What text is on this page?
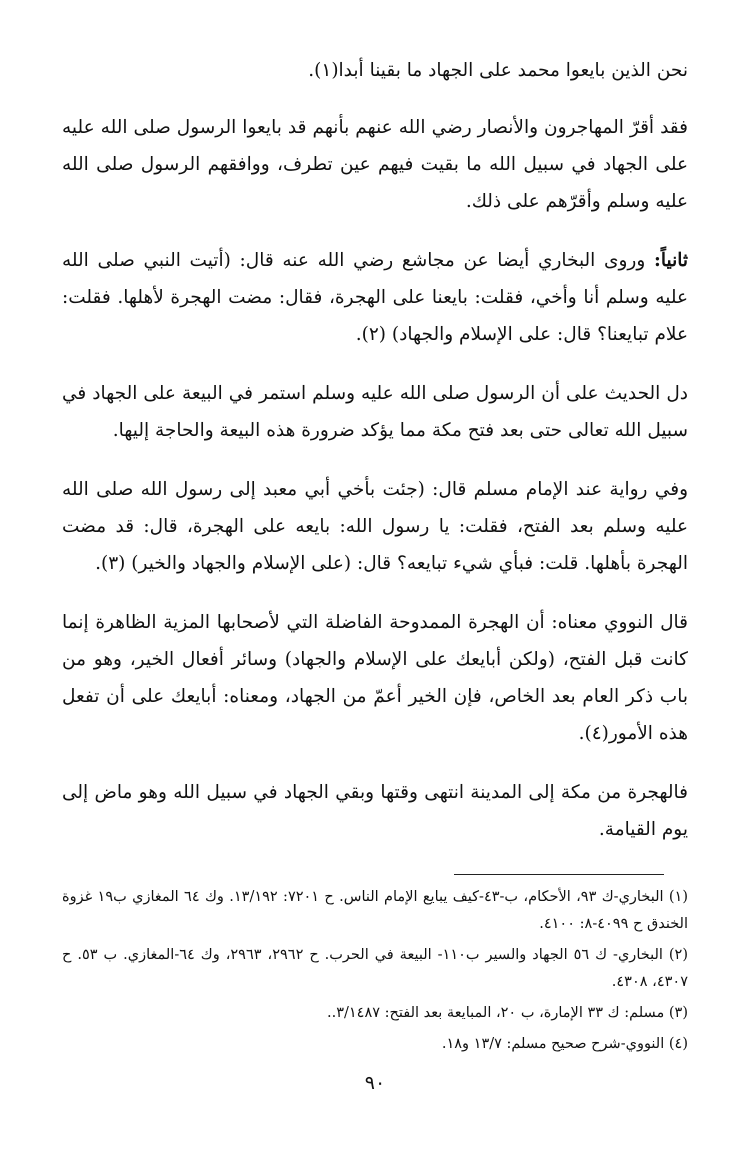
نحن الذين بايعوا محمد على الجهاد ما بقينا أبدا(١).

فقد أقرّ المهاجرون والأنصار رضي الله عنهم بأنهم قد بايعوا الرسول صلى الله عليه على الجهاد في سبيل الله ما بقيت فيهم عين تطرف، ووافقهم الرسول صلى الله عليه وسلم وأقرّهم على ذلك.

ثانياً: وروى البخاري أيضا عن مجاشع رضي الله عنه قال: (أتيت النبي صلى الله عليه وسلم أنا وأخي، فقلت: بايعنا على الهجرة، فقال: مضت الهجرة لأهلها. فقلت: علام تبايعنا؟ قال: على الإسلام والجهاد) (٢).

دل الحديث على أن الرسول صلى الله عليه وسلم استمر في البيعة على الجهاد في سبيل الله تعالى حتى بعد فتح مكة مما يؤكد ضرورة هذه البيعة والحاجة إليها.

وفي رواية عند الإمام مسلم قال: (جئت بأخي أبي معبد إلى رسول الله صلى الله عليه وسلم بعد الفتح، فقلت: يا رسول الله: بايعه على الهجرة، قال: قد مضت الهجرة بأهلها. قلت: فبأي شيء تبايعه؟ قال: (على الإسلام والجهاد والخير) (٣).

قال النووي معناه: أن الهجرة الممدوحة الفاضلة التي لأصحابها المزية الظاهرة إنما كانت قبل الفتح، (ولكن أبايعك على الإسلام والجهاد) وسائر أفعال الخير، وهو من باب ذكر العام بعد الخاص، فإن الخير أعمّ من الجهاد، ومعناه: أبايعك على أن تفعل هذه الأمور(٤).

فالهجرة من مكة إلى المدينة انتهى وقتها وبقي الجهاد في سبيل الله وهو ماض إلى يوم القيامة.

(١) البخاري-ك ٩٣، الأحكام، ب-٤٣-كيف يبايع الإمام الناس. ح ٧٢٠١: ١٣/١٩٢. وك ٦٤ المغازي ب١٩ غزوة الخندق ح ٤٠٩٩-٨: ٤١٠٠.

(٢) البخاري- ك ٥٦ الجهاد والسير ب١١٠- البيعة في الحرب. ح ٢٩٦٢، ٢٩٦٣، وك ٦٤-المغازي. ب ٥٣. ح ٤٣٠٧، ٤٣٠٨.

(٣) مسلم: ك ٣٣ الإمارة، ب ٢٠، المبايعة بعد الفتح: ٣/١٤٨٧..

(٤) النووي-شرح صحيح مسلم: ١٣/٧ و١٨.

٩٠
